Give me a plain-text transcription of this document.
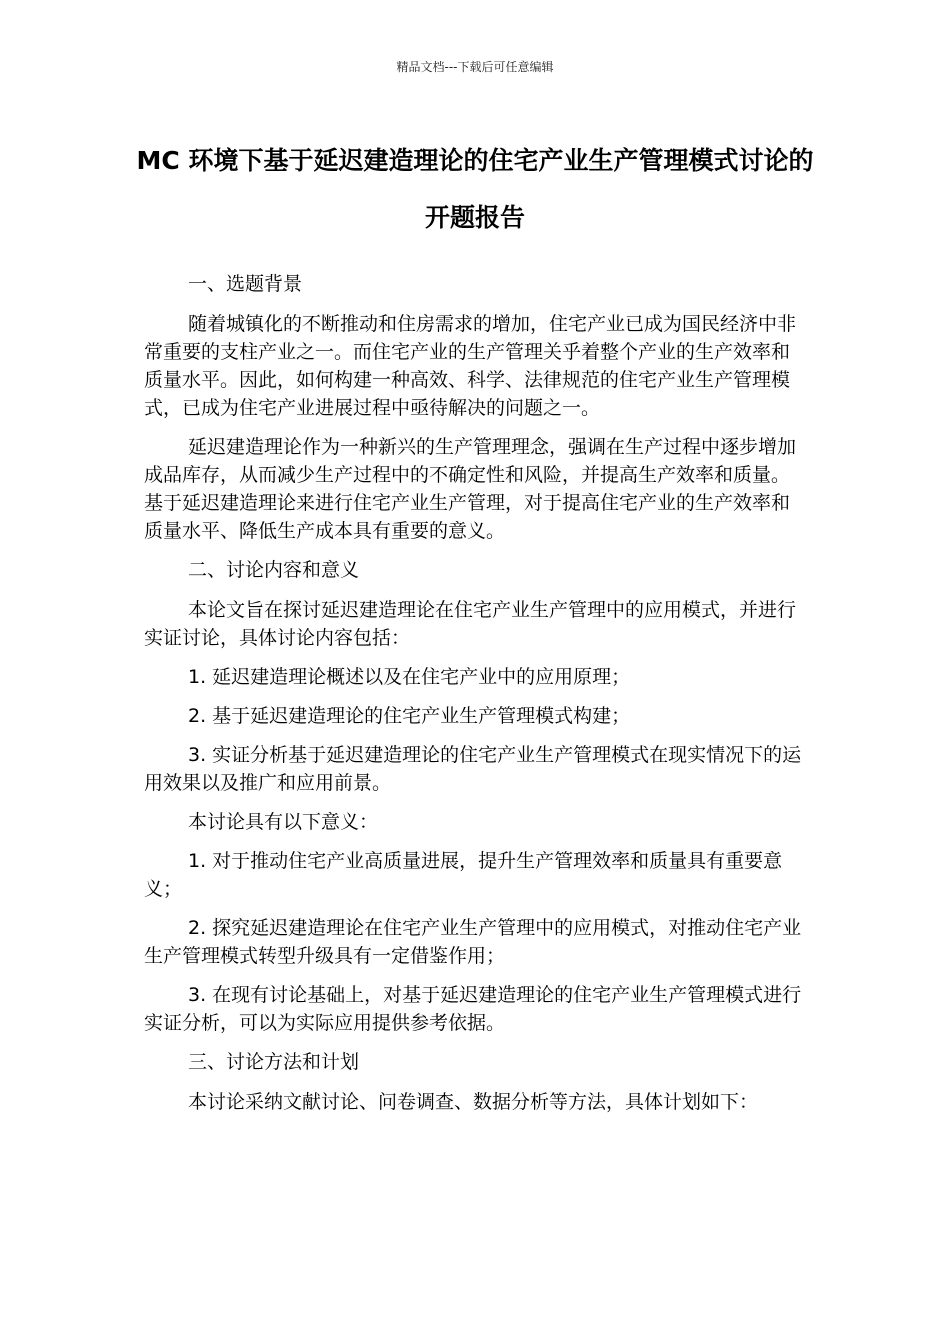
精品文档---下载后可任意编辑
MC 环境下基于延迟建造理论的住宅产业生产管理模式讨论的开题报告

一、选题背景

随着城镇化的不断推动和住房需求的增加，住宅产业已成为国民经济中非常重要的支柱产业之一。而住宅产业的生产管理关乎着整个产业的生产效率和质量水平。因此，如何构建一种高效、科学、法律规范的住宅产业生产管理模式，已成为住宅产业进展过程中亟待解决的问题之一。

延迟建造理论作为一种新兴的生产管理理念，强调在生产过程中逐步增加成品库存，从而减少生产过程中的不确定性和风险，并提高生产效率和质量。基于延迟建造理论来进行住宅产业生产管理，对于提高住宅产业的生产效率和质量水平、降低生产成本具有重要的意义。

二、讨论内容和意义

本论文旨在探讨延迟建造理论在住宅产业生产管理中的应用模式，并进行实证讨论，具体讨论内容包括：

1. 延迟建造理论概述以及在住宅产业中的应用原理；

2. 基于延迟建造理论的住宅产业生产管理模式构建；

3. 实证分析基于延迟建造理论的住宅产业生产管理模式在现实情况下的运用效果以及推广和应用前景。

本讨论具有以下意义：

1. 对于推动住宅产业高质量进展，提升生产管理效率和质量具有重要意义；

2. 探究延迟建造理论在住宅产业生产管理中的应用模式，对推动住宅产业生产管理模式转型升级具有一定借鉴作用；

3. 在现有讨论基础上，对基于延迟建造理论的住宅产业生产管理模式进行实证分析，可以为实际应用提供参考依据。

三、讨论方法和计划

本讨论采纳文献讨论、问卷调查、数据分析等方法，具体计划如下：
